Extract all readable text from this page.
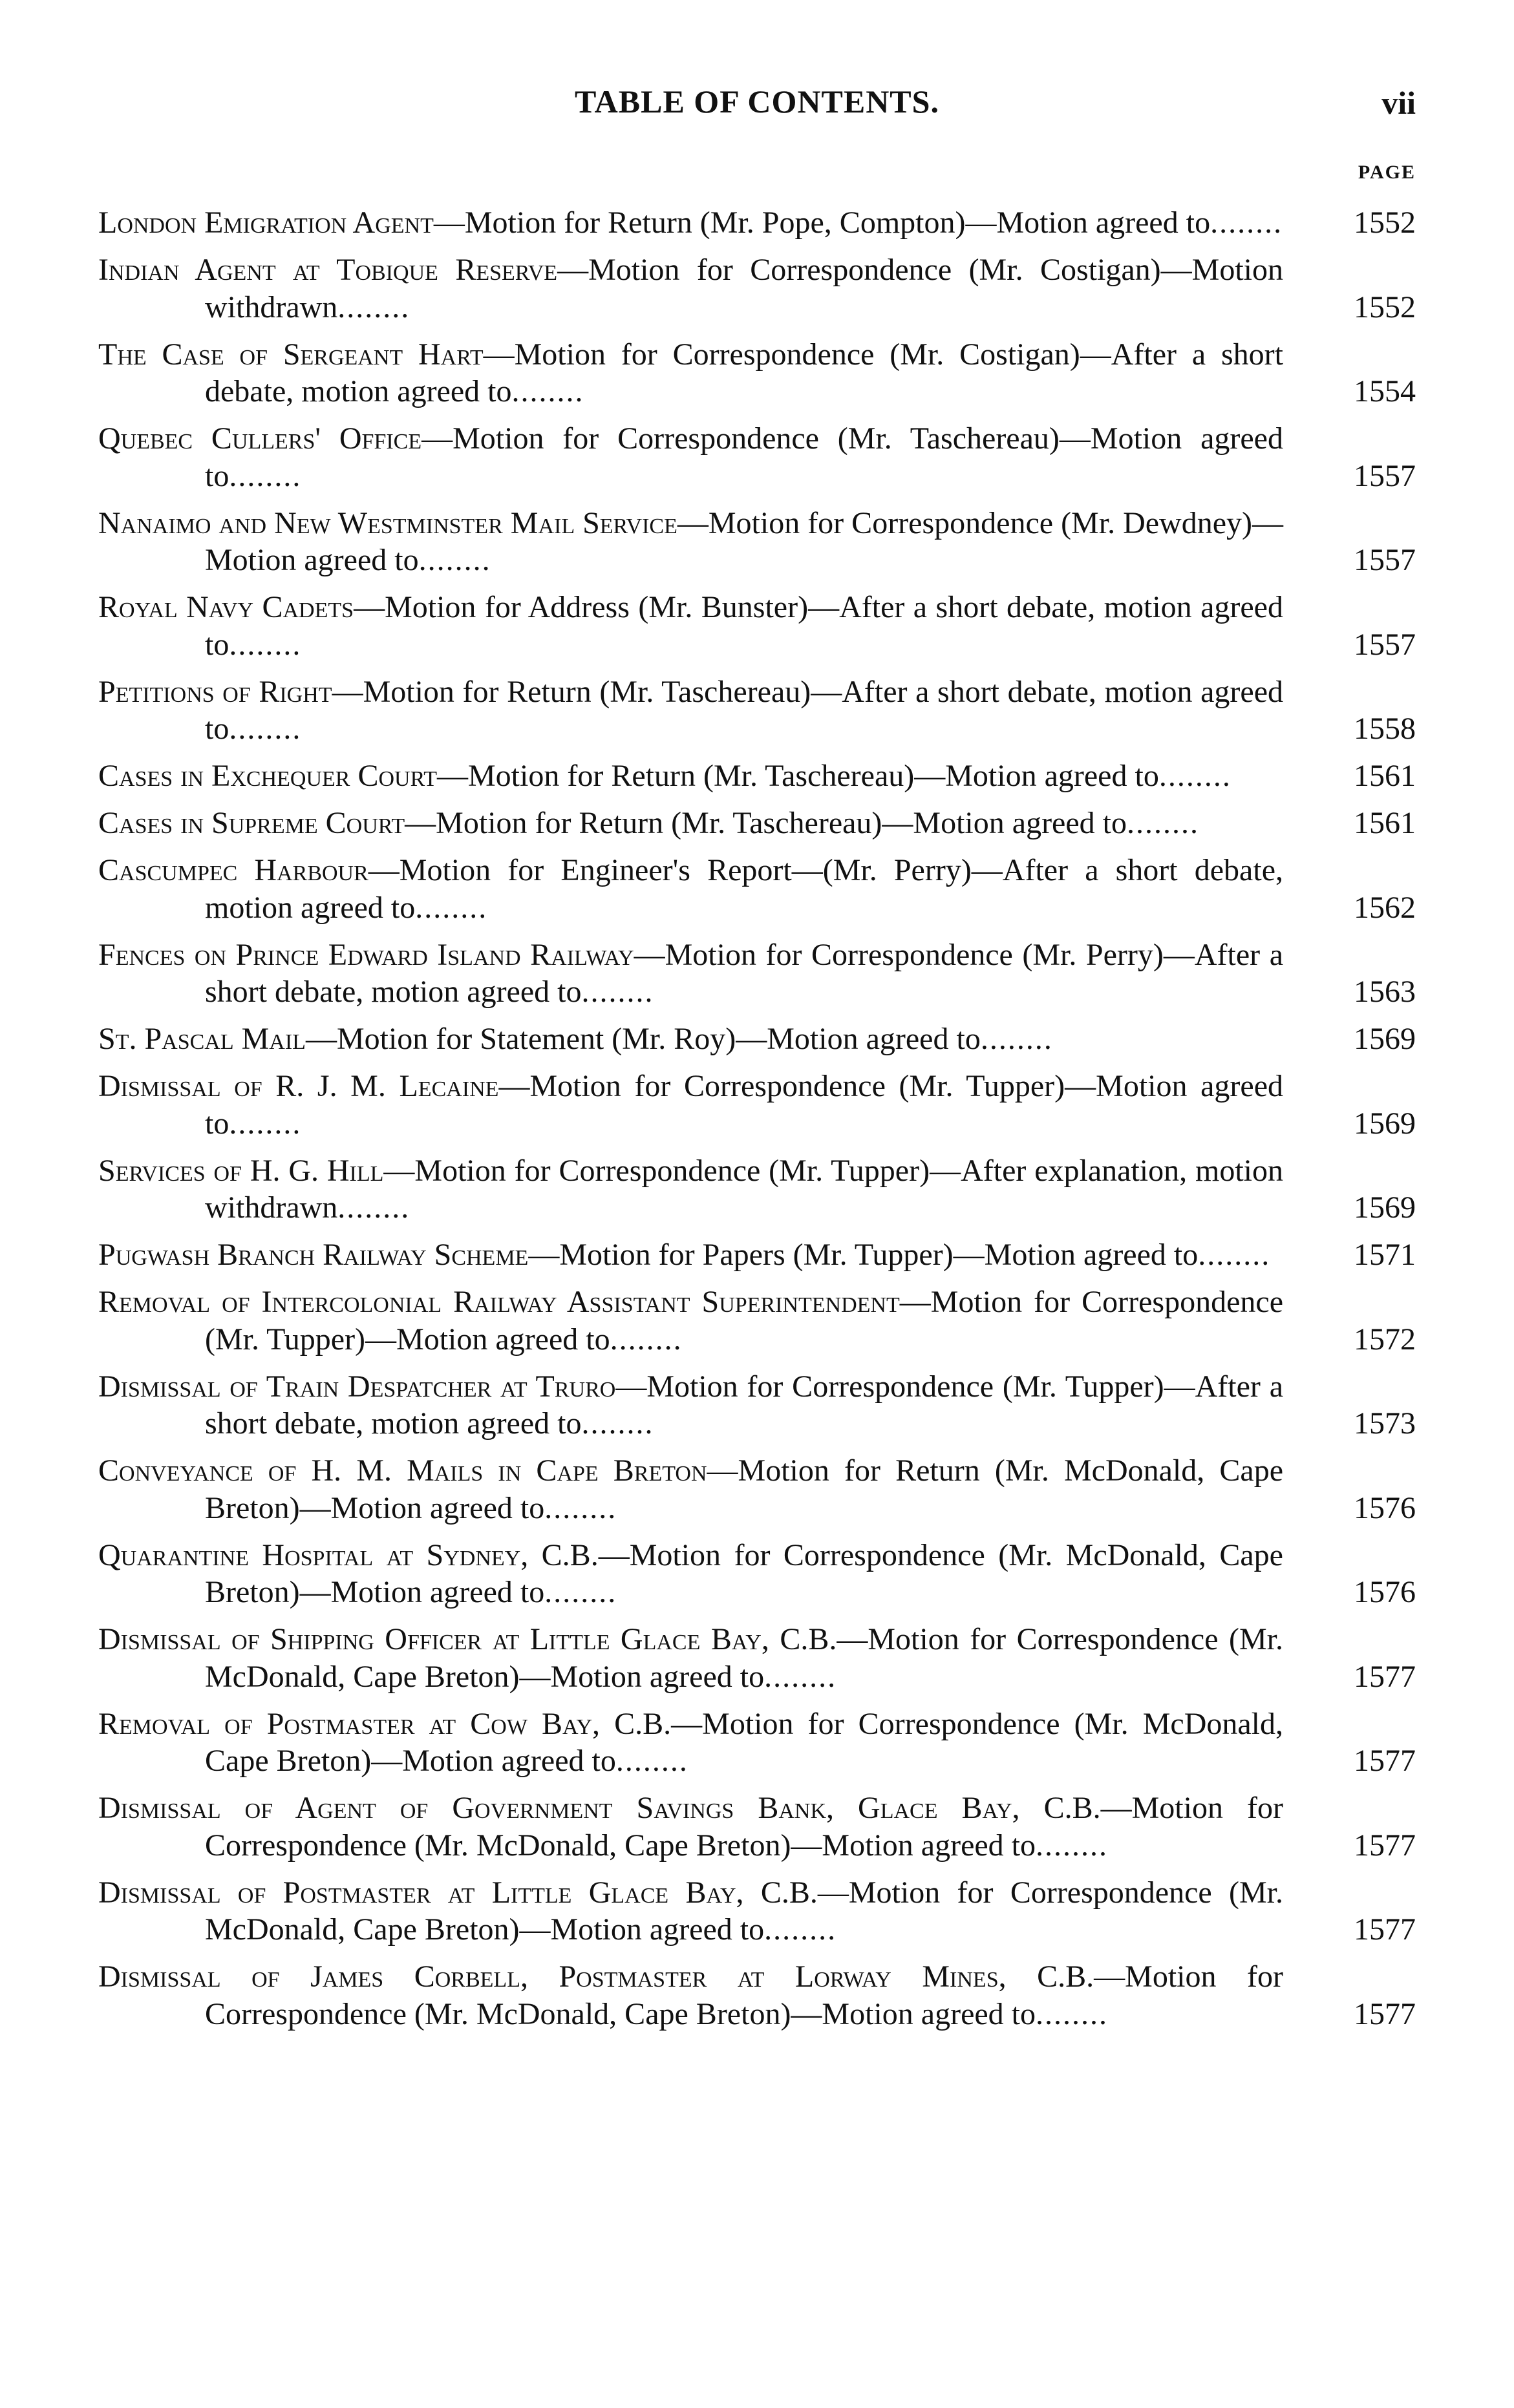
TABLE OF CONTENTS.	vii
PAGE
London Emigration Agent—Motion for Return (Mr. Pope, Compton)—Motion agreed to........	1552
Indian Agent at Tobique Reserve—Motion for Correspondence (Mr. Costigan)—Motion withdrawn........	1552
The Case of Sergeant Hart—Motion for Correspondence (Mr. Costigan)—After a short debate, motion agreed to........	1554
Quebec Cullers' Office—Motion for Correspondence (Mr. Taschereau)—Motion agreed to........	1557
Nanaimo and New Westminster Mail Service—Motion for Correspondence (Mr. Dewdney)—Motion agreed to........	1557
Royal Navy Cadets—Motion for Address (Mr. Bunster)—After a short debate, motion agreed to........	1557
Petitions of Right—Motion for Return (Mr. Taschereau)—After a short debate, motion agreed to........	1558
Cases in Exchequer Court—Motion for Return (Mr. Taschereau)—Motion agreed to........	1561
Cases in Supreme Court—Motion for Return (Mr. Taschereau)—Motion agreed to........	1561
Cascumpec Harbour—Motion for Engineer's Report—(Mr. Perry)—After a short debate, motion agreed to........	1562
Fences on Prince Edward Island Railway—Motion for Correspondence (Mr. Perry)—After a short debate, motion agreed to........	1563
St. Pascal Mail—Motion for Statement (Mr. Roy)—Motion agreed to........	1569
Dismissal of R. J. M. Lecaine—Motion for Correspondence (Mr. Tupper)—Motion agreed to........	1569
Services of H. G. Hill—Motion for Correspondence (Mr. Tupper)—After explanation, motion withdrawn........	1569
Pugwash Branch Railway Scheme—Motion for Papers (Mr. Tupper)—Motion agreed to........	1571
Removal of Intercolonial Railway Assistant Superintendent—Motion for Correspondence (Mr. Tupper)—Motion agreed to........	1572
Dismissal of Train Despatcher at Truro—Motion for Correspondence (Mr. Tupper)—After a short debate, motion agreed to........	1573
Conveyance of H. M. Mails in Cape Breton—Motion for Return (Mr. McDonald, Cape Breton)—Motion agreed to........	1576
Quarantine Hospital at Sydney, C.B.—Motion for Correspondence (Mr. McDonald, Cape Breton)—Motion agreed to........	1576
Dismissal of Shipping Officer at Little Glace Bay, C.B.—Motion for Correspondence (Mr. McDonald, Cape Breton)—Motion agreed to........	1577
Removal of Postmaster at Cow Bay, C.B.—Motion for Correspondence (Mr. McDonald, Cape Breton)—Motion agreed to........	1577
Dismissal of Agent of Government Savings Bank, Glace Bay, C.B.—Motion for Correspondence (Mr. McDonald, Cape Breton)—Motion agreed to........	1577
Dismissal of Postmaster at Little Glace Bay, C.B.—Motion for Correspondence (Mr. McDonald, Cape Breton)—Motion agreed to........	1577
Dismissal of James Corbell, Postmaster at Lorway Mines, C.B.—Motion for Correspondence (Mr. McDonald, Cape Breton)—Motion agreed to........	1577
